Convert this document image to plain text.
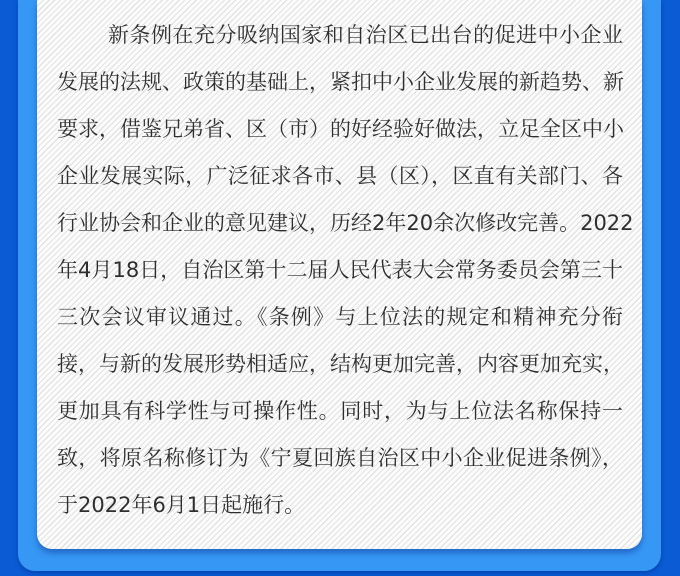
新条例在充分吸纳国家和自治区已出台的促进中小企业
发展的法规、政策的基础上，紧扣中小企业发展的新趋势、新
要求，借鉴兄弟省、区（市）的好经验好做法，立足全区中小
企业发展实际，广泛征求各市、县（区），区直有关部门、各
行业协会和企业的意见建议，历经2年20余次修改完善。2022
年4月18日，自治区第十二届人民代表大会常务委员会第三十
三次会议审议通过。《条例》与上位法的规定和精神充分衔
接，与新的发展形势相适应，结构更加完善，内容更加充实，
更加具有科学性与可操作性。同时，为与上位法名称保持一
致，将原名称修订为《宁夏回族自治区中小企业促进条例》，
于2022年6月1日起施行。
